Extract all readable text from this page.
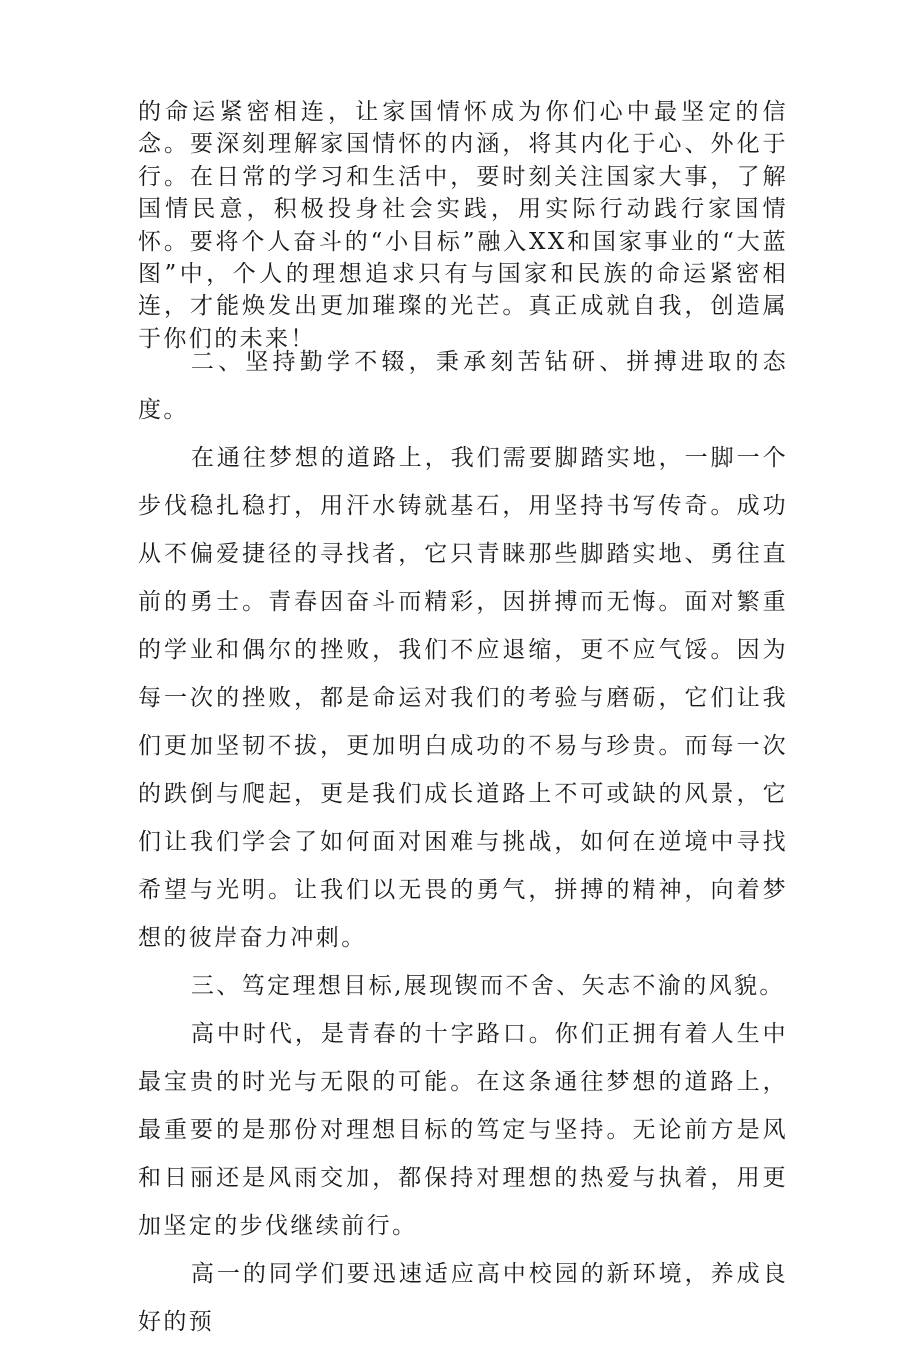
的命运紧密相连，让家国情怀成为你们心中最坚定的信念。要深刻理解家国情怀的内涵，将其内化于心、外化于行。在日常的学习和生活中，要时刻关注国家大事，了解国情民意，积极投身社会实践，用实际行动践行家国情怀。要将个人奋斗的“小目标”融入XX和国家事业的“大蓝图”中，个人的理想追求只有与国家和民族的命运紧密相连，才能焕发出更加璀璨的光芒。真正成就自我，创造属于你们的未来！

二、坚持勤学不辍，秉承刻苦钻研、拼搏进取的态度。

在通往梦想的道路上，我们需要脚踏实地，一脚一个步伐稳扎稳打，用汗水铸就基石，用坚持书写传奇。成功从不偏爱捷径的寻找者，它只青睐那些脚踏实地、勇往直前的勇士。青春因奋斗而精彩，因拼搏而无悔。面对繁重的学业和偶尔的挫败，我们不应退缩，更不应气馁。因为每一次的挫败，都是命运对我们的考验与磨砺，它们让我们更加坚韧不拔，更加明白成功的不易与珍贵。而每一次的跌倒与爬起，更是我们成长道路上不可或缺的风景，它们让我们学会了如何面对困难与挑战，如何在逆境中寻找希望与光明。让我们以无畏的勇气，拼搏的精神，向着梦想的彼岸奋力冲刺。

三、笃定理想目标,展现锲而不舍、矢志不渝的风貌。

高中时代，是青春的十字路口。你们正拥有着人生中最宝贵的时光与无限的可能。在这条通往梦想的道路上，最重要的是那份对理想目标的笃定与坚持。无论前方是风和日丽还是风雨交加，都保持对理想的热爱与执着，用更加坚定的步伐继续前行。

高一的同学们要迅速适应高中校园的新环境，养成良好的预
